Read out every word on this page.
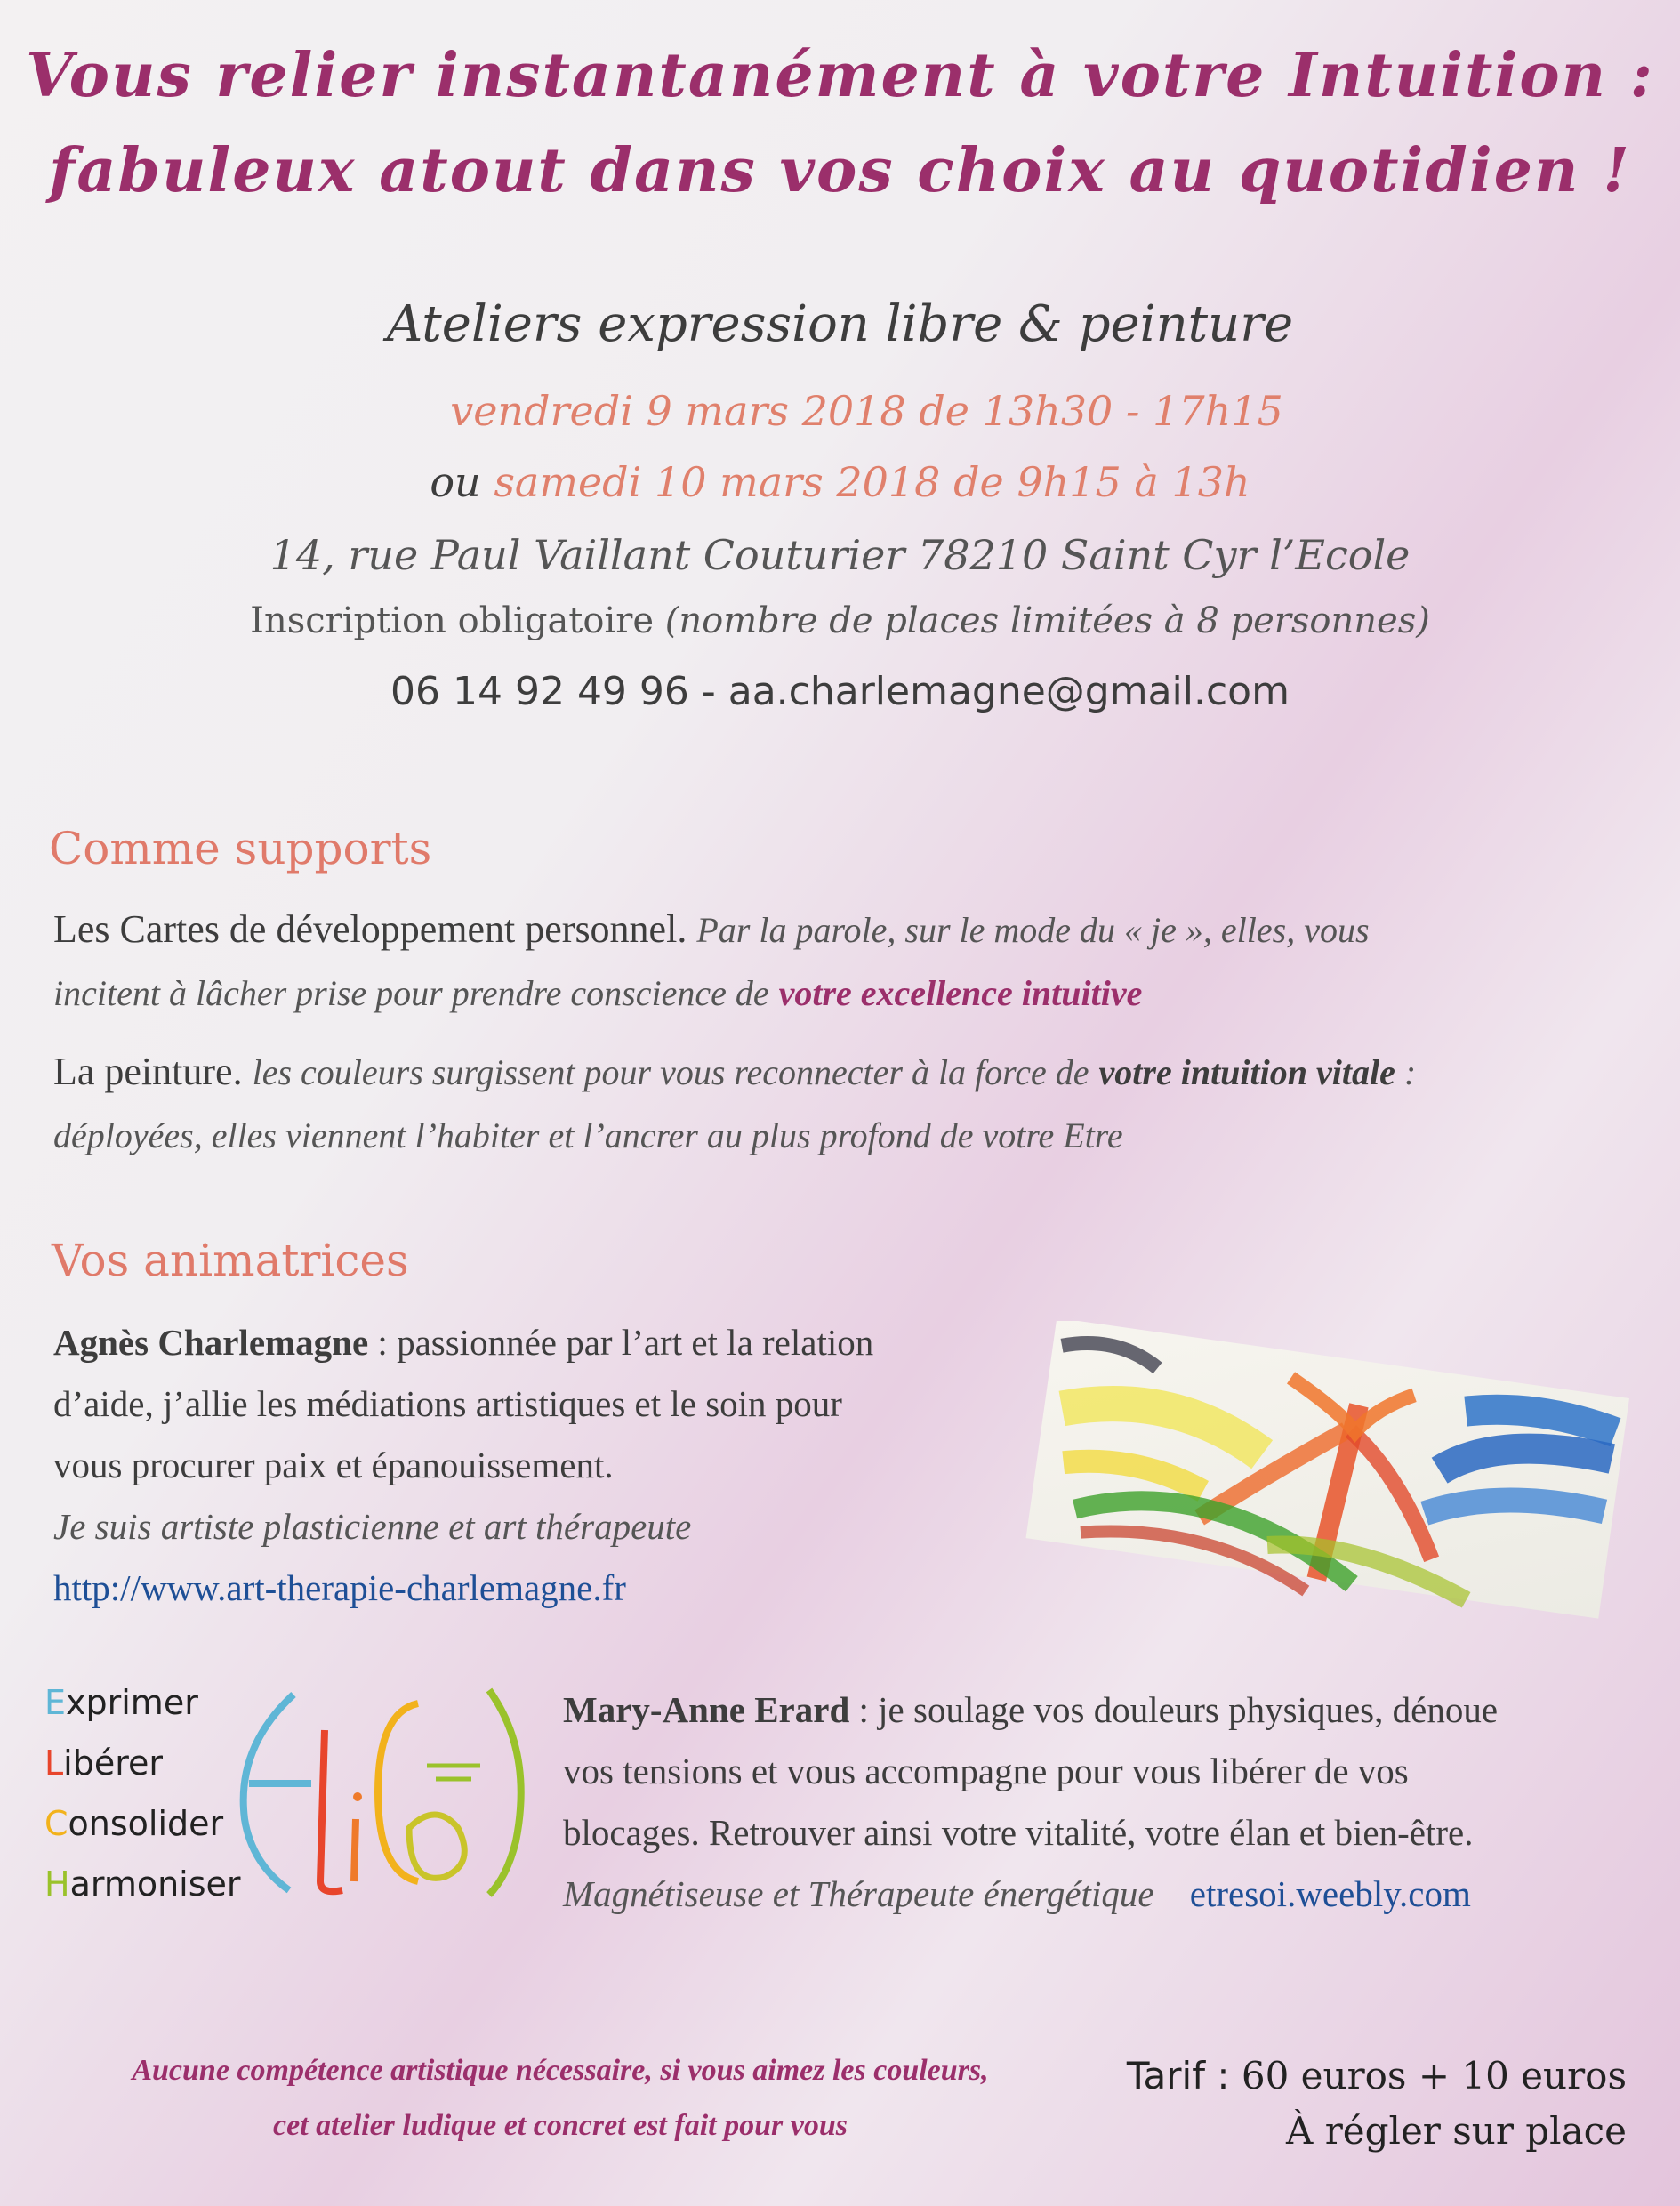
Vous relier instantanément à votre Intuition :
fabuleux atout dans vos choix au quotidien !
Ateliers expression libre & peinture
vendredi 9 mars 2018 de 13h30 - 17h15
ou samedi 10 mars 2018 de 9h15 à 13h
14, rue Paul Vaillant Couturier 78210 Saint Cyr l’Ecole
Inscription obligatoire (nombre de places limitées à 8 personnes)
06 14 92 49 96 - aa.charlemagne@gmail.com
Comme supports
Les Cartes de développement personnel. Par la parole, sur le mode du « je », elles, vous
incitent à lâcher prise pour prendre conscience de votre excellence intuitive
La peinture. les couleurs surgissent pour vous reconnecter à la force de votre intuition vitale :
déployées, elles viennent l’habiter et l’ancrer au plus profond de votre Etre
Vos animatrices
Agnès Charlemagne : passionnée par l’art et la relation
d’aide, j’allie les médiations artistiques et le soin pour
vous procurer paix et épanouissement.
Je suis artiste plasticienne et art thérapeute
http://www.art-therapie-charlemagne.fr
Exprimer
Libérer
Consolider
Harmoniser
Mary-Anne Erard : je soulage vos douleurs physiques, dénoue
vos tensions et vous accompagne pour vous libérer de vos
blocages. Retrouver ainsi votre vitalité, votre élan et bien-être.
Magnétiseuse et Thérapeute énergétique etresoi.weebly.com
Aucune compétence artistique nécessaire, si vous aimez les couleurs,
cet atelier ludique et concret est fait pour vous
Tarif : 60 euros + 10 euros
À régler sur place
